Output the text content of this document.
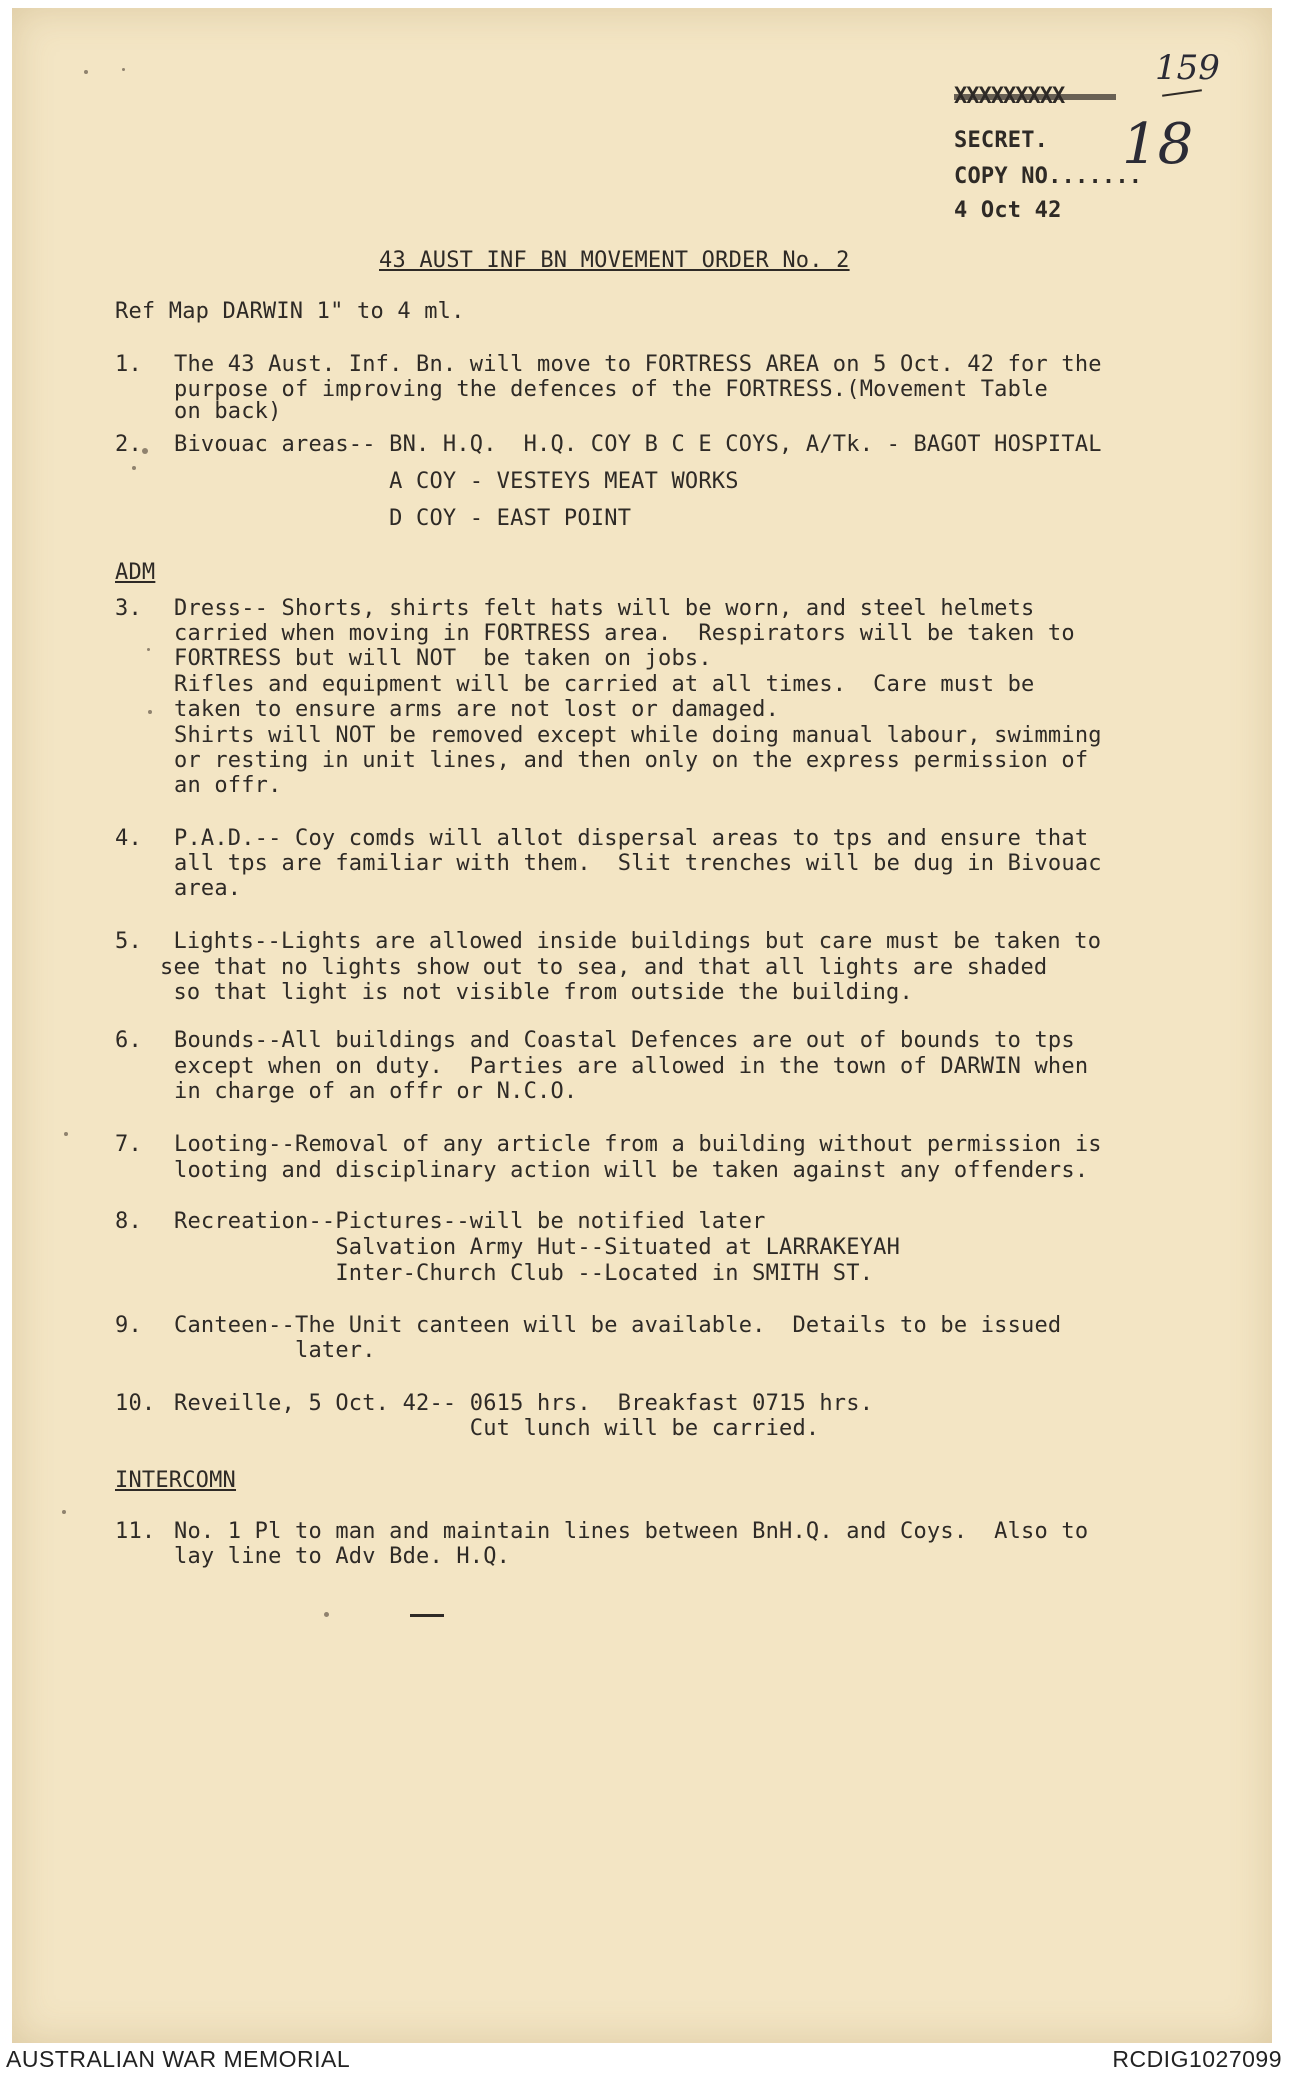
159
SECRET.
COPY NO.......
18
4 Oct 42
43 AUST INF BN MOVEMENT ORDER No. 2
Ref Map DARWIN 1" to 4 ml.
1. The 43 Aust. Inf. Bn. will move to FORTRESS AREA on 5 Oct. 42 for the
purpose of improving the defences of the FORTRESS.(Movement Table
on back)
2. Bivouac areas-- BN. H.Q.  H.Q. COY B C E COYS, A/Tk. - BAGOT HOSPITAL
A COY - VESTEYS MEAT WORKS
D COY - EAST POINT
ADM
3. Dress-- Shorts, shirts felt hats will be worn, and steel helmets
carried when moving in FORTRESS area.  Respirators will be taken to
FORTRESS but will NOT  be taken on jobs.
Rifles and equipment will be carried at all times.  Care must be
taken to ensure arms are not lost or damaged.
Shirts will NOT be removed except while doing manual labour, swimming
or resting in unit lines, and then only on the express permission of
an offr.
4. P.A.D.-- Coy comds will allot dispersal areas to tps and ensure that
all tps are familiar with them.  Slit trenches will be dug in Bivouac
area.
5. Lights--Lights are allowed inside buildings but care must be taken to
see that no lights show out to sea, and that all lights are shaded
so that light is not visible from outside the building.
6. Bounds--All buildings and Coastal Defences are out of bounds to tps
except when on duty.  Parties are allowed in the town of DARWIN when
in charge of an offr or N.C.O.
7. Looting--Removal of any article from a building without permission is
looting and disciplinary action will be taken against any offenders.
8. Recreation--Pictures--will be notified later
Salvation Army Hut--Situated at LARRAKEYAH
Inter-Church Club --Located in SMITH ST.
9. Canteen--The Unit canteen will be available.  Details to be issued
later.
10. Reveille, 5 Oct. 42-- 0615 hrs.  Breakfast 0715 hrs.
Cut lunch will be carried.
INTERCOMN
11. No. 1 Pl to man and maintain lines between BnH.Q. and Coys.  Also to
lay line to Adv Bde. H.Q.
AUSTRALIAN WAR MEMORIAL	RCDIG1027099
